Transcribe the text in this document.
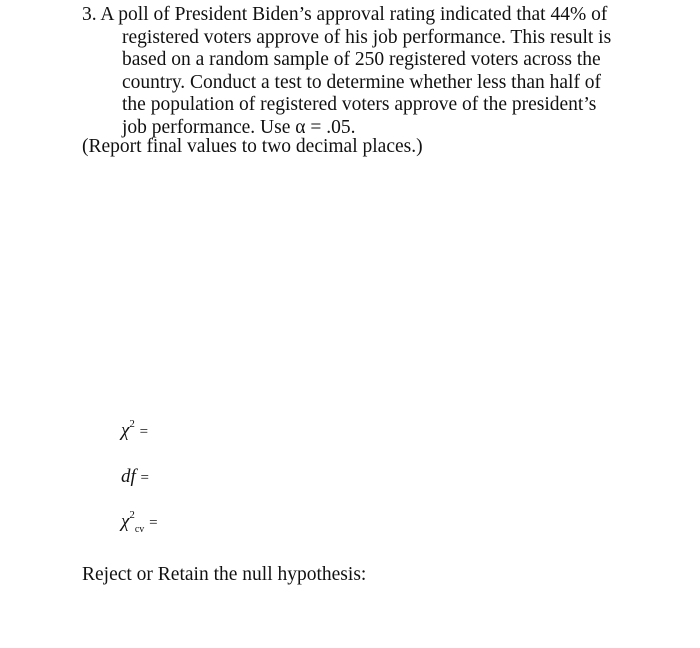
3. A poll of President Biden’s approval rating indicated that 44% of
registered voters approve of his job performance. This result is
based on a random sample of 250 registered voters across the
country. Conduct a test to determine whether less than half of
the population of registered voters approve of the president’s
job performance. Use α = .05.
(Report final values to two decimal places.)
$\chi^2$ =
df =
$\chi^2_{cv}$ =
Reject or Retain the null hypothesis:
